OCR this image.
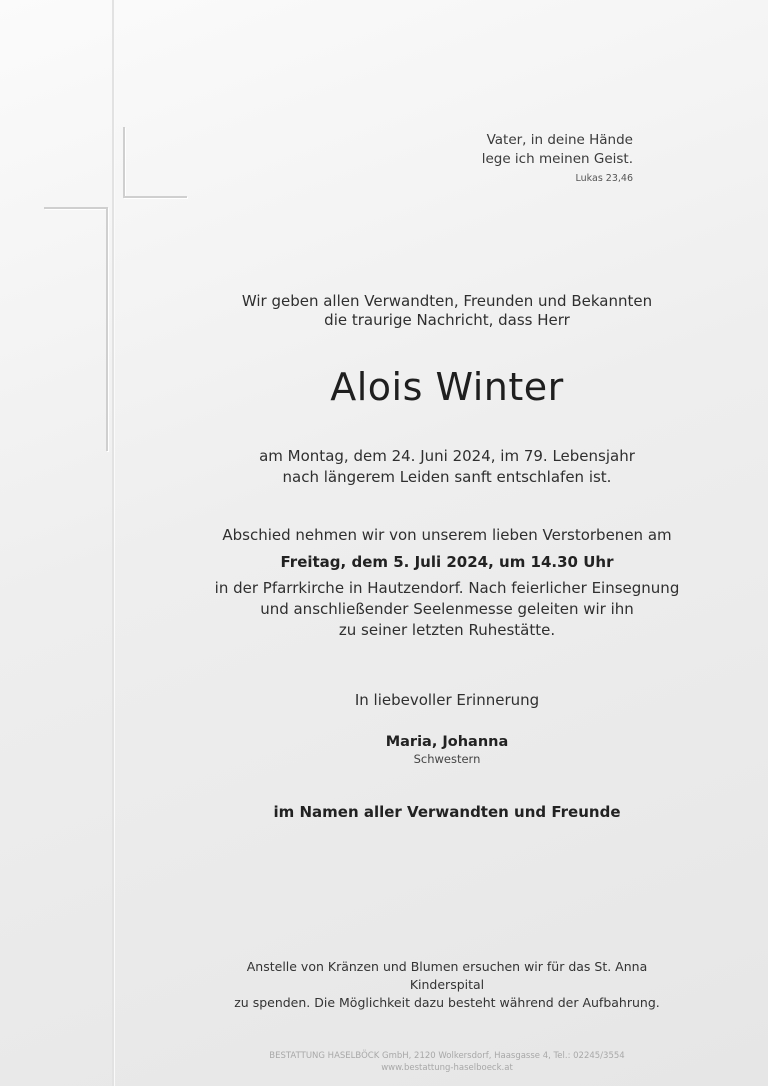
Vater, in deine Hände
lege ich meinen Geist.
Lukas 23,46
Wir geben allen Verwandten, Freunden und Bekannten
die traurige Nachricht, dass Herr
Alois Winter
am Montag, dem 24. Juni 2024, im 79. Lebensjahr
nach längerem Leiden sanft entschlafen ist.
Abschied nehmen wir von unserem lieben Verstorbenen am
Freitag, dem 5. Juli 2024, um 14.30 Uhr
in der Pfarrkirche in Hautzendorf. Nach feierlicher Einsegnung
und anschließender Seelenmesse geleiten wir ihn
zu seiner letzten Ruhestätte.
In liebevoller Erinnerung
Maria, Johanna
Schwestern
im Namen aller Verwandten und Freunde
Anstelle von Kränzen und Blumen ersuchen wir für das St. Anna Kinderspital
zu spenden. Die Möglichkeit dazu besteht während der Aufbahrung.
BESTATTUNG HASELBÖCK GmbH, 2120 Wolkersdorf, Haasgasse 4, Tel.: 02245/3554
www.bestattung-haselboeck.at
